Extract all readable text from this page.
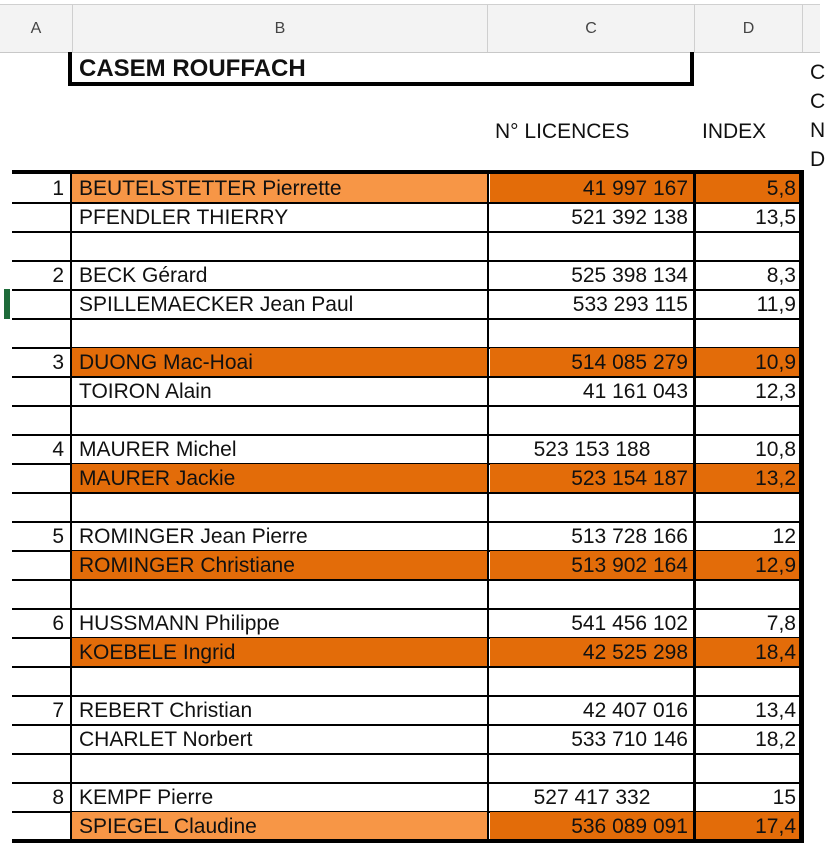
A	B	C	D
CASEM ROUFFACH
N° LICENCES	INDEX
C
C
N
D
1 BEUTELSTETTER Pierrette	41 997 167	5,8
PFENDLER THIERRY	521 392 138	13,5
2 BECK Gérard	525 398 134	8,3
SPILLEMAECKER Jean Paul	533 293 115	11,9
3 DUONG Mac-Hoai	514 085 279	10,9
TOIRON Alain	41 161 043	12,3
4 MAURER Michel	523 153 188	10,8
MAURER Jackie	523 154 187	13,2
5 ROMINGER Jean Pierre	513 728 166	12
ROMINGER Christiane	513 902 164	12,9
6 HUSSMANN Philippe	541 456 102	7,8
KOEBELE Ingrid	42 525 298	18,4
7 REBERT Christian	42 407 016	13,4
CHARLET Norbert	533 710 146	18,2
8 KEMPF Pierre	527 417 332	15
SPIEGEL Claudine	536 089 091	17,4
